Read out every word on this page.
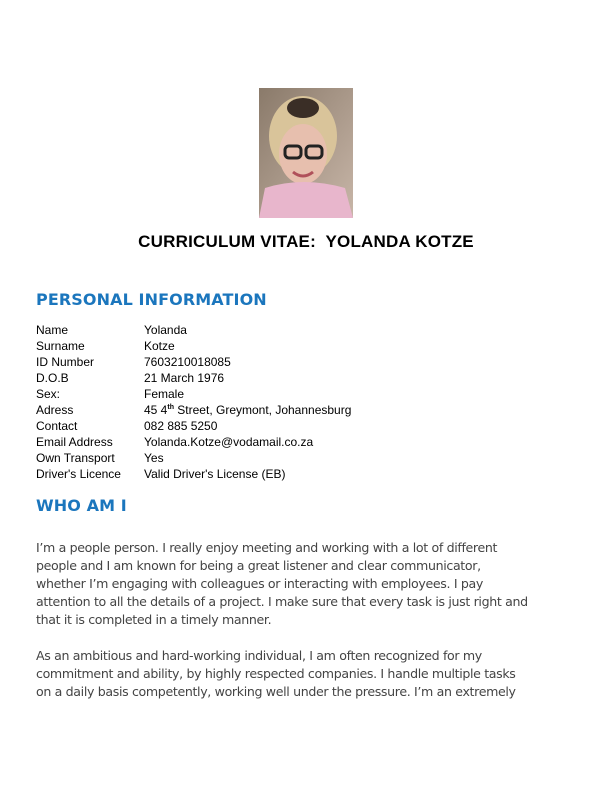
CURRICULUM VITAE:  YOLANDA KOTZE
PERSONAL INFORMATION
Name	Yolanda
Surname	Kotze
ID Number	7603210018085
D.O.B	21 March 1976
Sex:	Female
Adress	45 4th Street, Greymont, Johannesburg
Contact	082 885 5250
Email Address	Yolanda.Kotze@vodamail.co.za
Own Transport	Yes
Driver's Licence	Valid Driver's License (EB)
WHO AM I
I’m a people person. I really enjoy meeting and working with a lot of different
people and I am known for being a great listener and clear communicator,
whether I’m engaging with colleagues or interacting with employees. I pay
attention to all the details of a project. I make sure that every task is just right and
that it is completed in a timely manner.
As an ambitious and hard-working individual, I am often recognized for my
commitment and ability, by highly respected companies. I handle multiple tasks
on a daily basis competently, working well under the pressure. I’m an extremely
